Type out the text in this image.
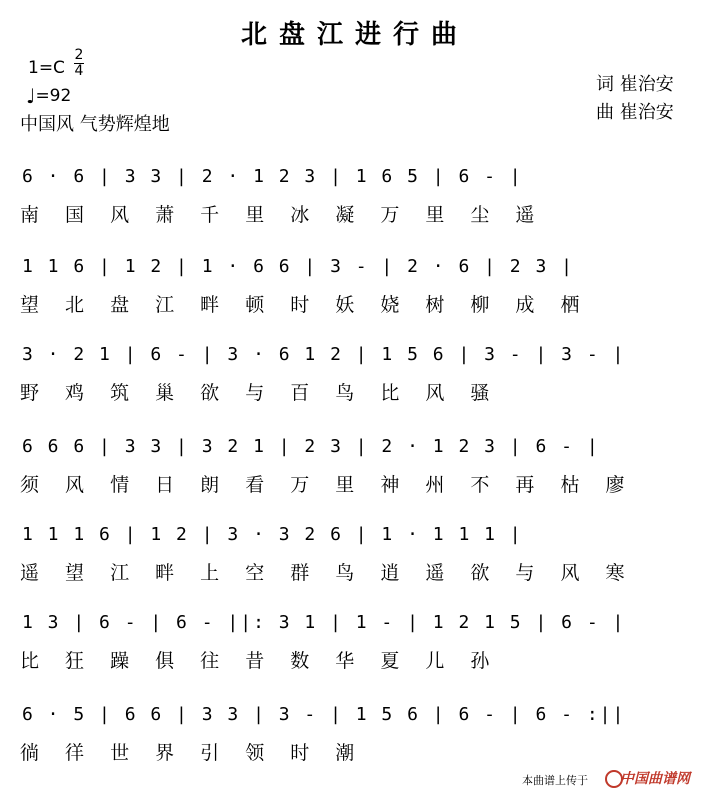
北盘江进行曲
1=C
2
4
♩=92
中国风 气势辉煌地
词 崔治安
曲 崔治安
6 · 6 | 3 3 | 2 · 1 2 3 | 1 6 5 | 6 - |
南 国 风 萧 千 里 冰 凝 万 里 尘 遥
1 1 6 | 1 2 | 1 · 6 6 | 3 - | 2 · 6 | 2 3 |
望 北 盘 江 畔 顿 时 妖 娆 树 柳 成 栖
3 · 2 1 | 6 - | 3 · 6 1 2 | 1 5 6 | 3 - | 3 - |
野 鸡 筑 巢 欲 与 百 鸟 比 风 骚
6 6 6 | 3 3 | 3 2 1 | 2 3 | 2 · 1 2 3 | 6 - |
须 风 情 日 朗 看 万 里 神 州 不 再 枯 廖
1 1 1 6 | 1 2 | 3 · 3 2 6 | 1 · 1 1 1 |
遥 望 江 畔 上 空 群 鸟 逍 遥 欲 与 风 寒
1 3 | 6 - | 6 - ||: 3 1 | 1 - | 1 2 1 5 | 6 - |
比 狂 躁 俱 往 昔 数 华 夏 儿 孙
6 · 5 | 6 6 | 3 3 | 3 - | 1 5 6 | 6 - | 6 - :||
徜 徉 世 界 引 领 时 潮
本曲谱上传于 中国曲谱网
